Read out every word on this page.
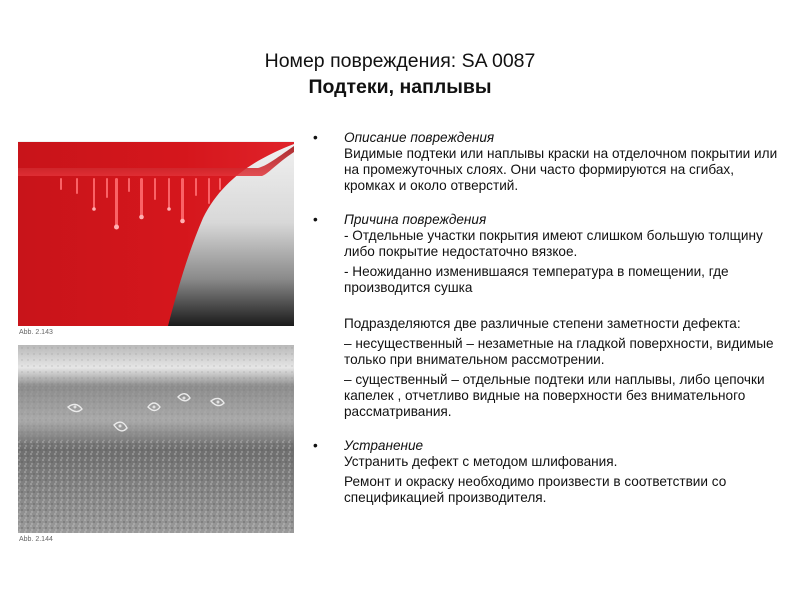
Номер повреждения: SA 0087
Подтеки, наплывы
Abb. 2.143
Abb. 2.144
• Описание повреждения
Видимые подтеки или наплывы краски на отделочном покрытии или на промежуточных слоях. Они часто формируются на сгибах, кромках и около отверстий.
• Причина повреждения
- Отдельные участки покрытия имеют слишком большую толщину либо покрытие недостаточно вязкое.
- Неожиданно изменившаяся температура в помещении, где производится сушка
Подразделяются две различные степени заметности дефекта:
– несущественный – незаметные на гладкой поверхности, видимые только при внимательном рассмотрении.
– существенный – отдельные подтеки или наплывы, либо цепочки капелек , отчетливо видные на поверхности без внимательного рассматривания.
• Устранение
Устранить дефект с методом шлифования.
Ремонт и окраску необходимо произвести в соответствии со спецификацией производителя.
